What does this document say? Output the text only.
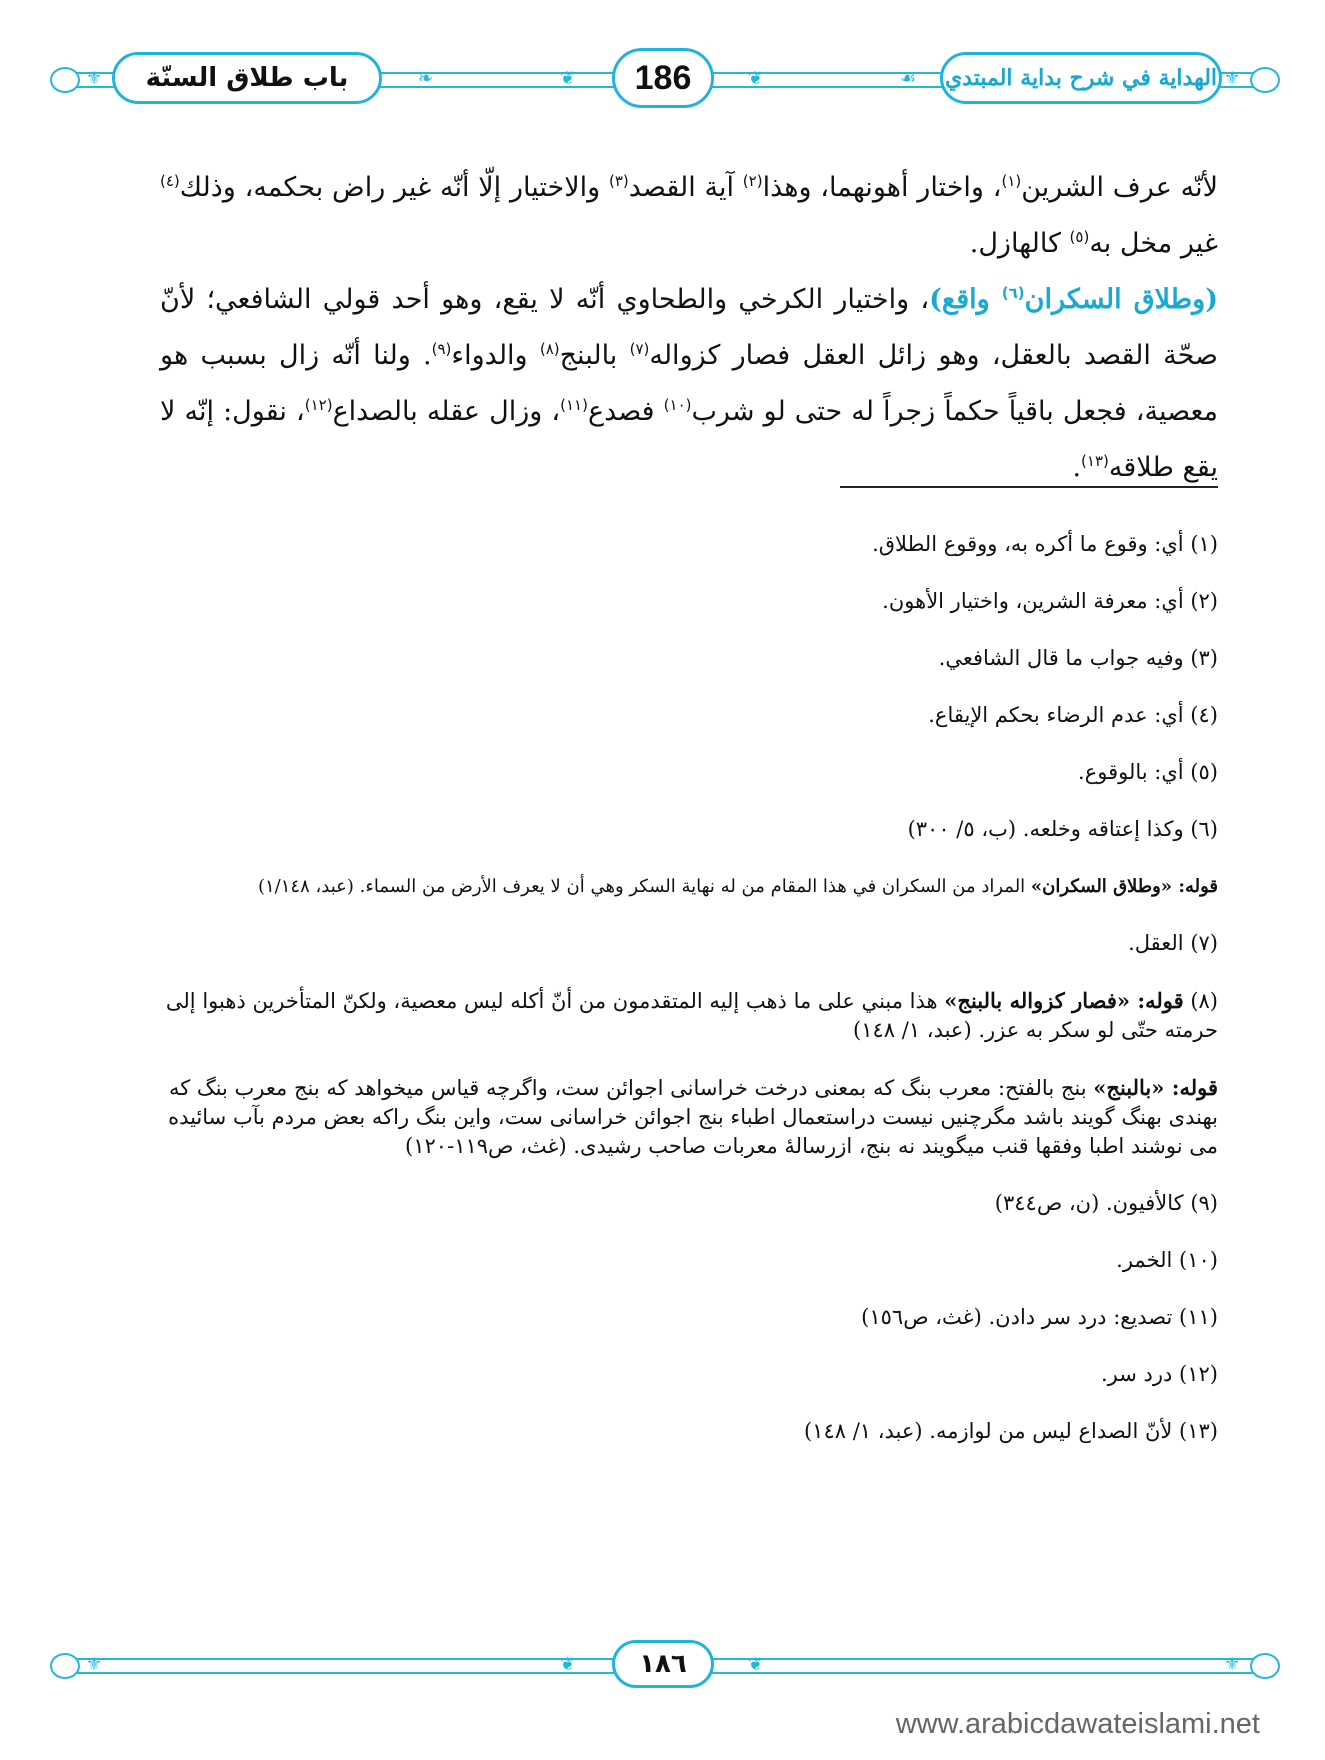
⚜	❧	❦	❦	☙	⚜
باب طلاق السنّة	186	الهداية في شرح بداية المبتدي

لأنّه عرف الشرين$^{(١)}$، واختار أهونهما، وهذا$^{(٢)}$ آية القصد$^{(٣)}$ والاختيار إلّا أنّه غير راض بحكمه، وذلك$^{(٤)}$ غير مخل به$^{(٥)}$ كالهازل.

(وطلاق السكران$^{(٦)}$ واقع)، واختيار الكرخي والطحاوي أنّه لا يقع، وهو أحد قولي الشافعي؛ لأنّ صحّة القصد بالعقل، وهو زائل العقل فصار كزواله$^{(٧)}$ بالبنج$^{(٨)}$ والدواء$^{(٩)}$. ولنا أنّه زال بسبب هو معصية، فجعل باقياً حكماً زجراً له حتى لو شرب$^{(١٠)}$ فصدع$^{(١١)}$، وزال عقله بالصداع$^{(١٢)}$، نقول: إنّه لا يقع طلاقه$^{(١٣)}$.

(١) أي: وقوع ما أكره به، ووقوع الطلاق.

(٢) أي: معرفة الشرين، واختيار الأهون.

(٣) وفيه جواب ما قال الشافعي.

(٤) أي: عدم الرضاء بحكم الإيقاع.

(٥) أي: بالوقوع.

(٦) وكذا إعتاقه وخلعه. (ب، ٥/ ٣٠٠)

قوله: «وطلاق السكران» المراد من السكران في هذا المقام من له نهاية السكر وهي أن لا يعرف الأرض من السماء. (عبد، ١/١٤٨)

(٧) العقل.

(٨) قوله: «فصار كزواله بالبنج» هذا مبني على ما ذهب إليه المتقدمون من أنّ أكله ليس معصية، ولكنّ المتأخرين ذهبوا إلى حرمته حتّى لو سكر به عزر. (عبد، ١/ ١٤٨)

قوله: «بالبنج» بنج بالفتح: معرب بنگ كه بمعنى درخت خراسانى اجوائن ست، واگرچه قياس ميخواهد كه بنج معرب بنگ كه بهندى بهنگ گويند باشد مگرچنيں نيست دراستعمال اطباء بنج اجوائن خراسانى ست، واين بنگ راكه بعض مردم بآب سائيده مى نوشند اطبا وفقها قنب ميگويند نه بنج، ازرسالهٔ معربات صاحب رشيدى. (غث، ص١١٩-١٢٠)

(٩) كالأفيون. (ن، ص٣٤٤)

(١٠) الخمر.

(١١) تصديع: درد سر دادن. (غث، ص١٥٦)

(١٢) درد سر.

(١٣) لأنّ الصداع ليس من لوازمه. (عبد، ١/ ١٤٨)

⚜	❦	❦	⚜
١٨٦
www.arabicdawateislami.net
